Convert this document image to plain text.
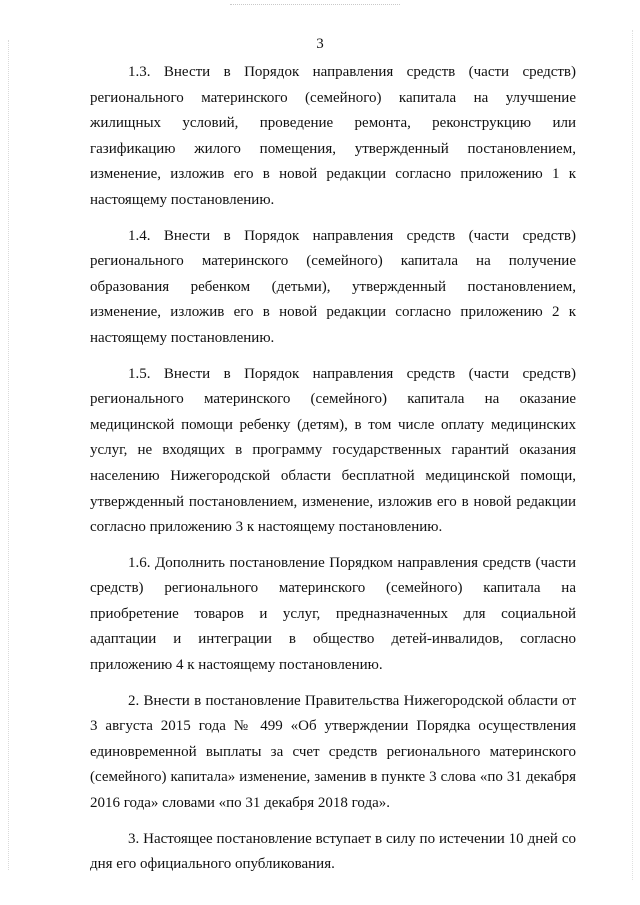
3
1.3. Внести в Порядок направления средств (части средств)
регионального материнского (семейного) капитала на улучшение
жилищных условий, проведение ремонта, реконструкцию или
газификацию жилого помещения, утвержденный постановлением,
изменение, изложив его в новой редакции согласно приложению 1 к
настоящему постановлению.
1.4. Внести в Порядок направления средств (части средств)
регионального материнского (семейного) капитала на получение
образования ребенком (детьми), утвержденный постановлением,
изменение, изложив его в новой редакции согласно приложению 2 к
настоящему постановлению.
1.5. Внести в Порядок направления средств (части средств)
регионального материнского (семейного) капитала на оказание
медицинской помощи ребенку (детям), в том числе оплату медицинских
услуг, не входящих в программу государственных гарантий оказания
населению Нижегородской области бесплатной медицинской помощи,
утвержденный постановлением, изменение, изложив его в новой редакции
согласно приложению 3 к настоящему постановлению.
1.6. Дополнить постановление Порядком направления средств (части
средств) регионального материнского (семейного) капитала на
приобретение товаров и услуг, предназначенных для социальной
адаптации и интеграции в общество детей-инвалидов, согласно
приложению 4 к настоящему постановлению.
2. Внести в постановление Правительства Нижегородской области от
3 августа 2015 года № 499 «Об утверждении Порядка осуществления
единовременной выплаты за счет средств регионального материнского
(семейного) капитала» изменение, заменив в пункте 3 слова «по 31 декабря
2016 года» словами «по 31 декабря 2018 года».
3. Настоящее постановление вступает в силу по истечении 10 дней со
дня его официального опубликования.
